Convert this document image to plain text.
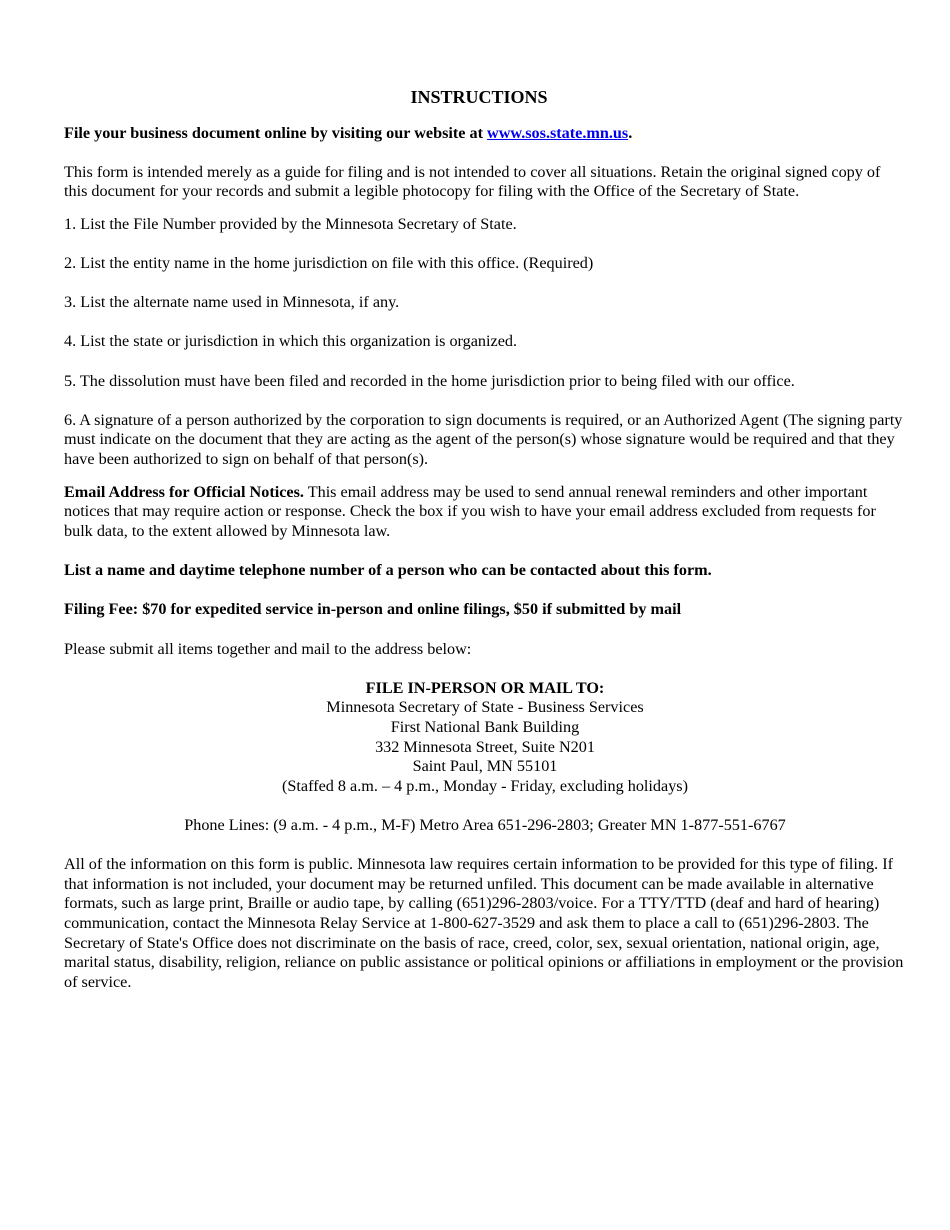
INSTRUCTIONS

File your business document online by visiting our website at www.sos.state.mn.us.

This form is intended merely as a guide for filing and is not intended to cover all situations. Retain the original signed copy of this document for your records and submit a legible photocopy for filing with the Office of the Secretary of State.

1. List the File Number provided by the Minnesota Secretary of State.

2. List the entity name in the home jurisdiction on file with this office. (Required)

3. List the alternate name used in Minnesota, if any.

4. List the state or jurisdiction in which this organization is organized.

5. The dissolution must have been filed and recorded in the home jurisdiction prior to being filed with our office.

6. A signature of a person authorized by the corporation to sign documents is required, or an Authorized Agent (The signing party must indicate on the document that they are acting as the agent of the person(s) whose signature would be required and that they have been authorized to sign on behalf of that person(s).

Email Address for Official Notices. This email address may be used to send annual renewal reminders and other important notices that may require action or response. Check the box if you wish to have your email address excluded from requests for bulk data, to the extent allowed by Minnesota law.

List a name and daytime telephone number of a person who can be contacted about this form.

Filing Fee: $70 for expedited service in-person and online filings, $50 if submitted by mail

Please submit all items together and mail to the address below:

FILE IN-PERSON OR MAIL TO:
Minnesota Secretary of State - Business Services
First National Bank Building
332 Minnesota Street, Suite N201
Saint Paul, MN 55101
(Staffed 8 a.m. – 4 p.m., Monday - Friday, excluding holidays)

Phone Lines: (9 a.m. - 4 p.m., M-F) Metro Area 651-296-2803; Greater MN 1-877-551-6767

All of the information on this form is public. Minnesota law requires certain information to be provided for this type of filing. If that information is not included, your document may be returned unfiled. This document can be made available in alternative formats, such as large print, Braille or audio tape, by calling (651)296-2803/voice. For a TTY/TTD (deaf and hard of hearing) communication, contact the Minnesota Relay Service at 1-800-627-3529 and ask them to place a call to (651)296-2803. The Secretary of State's Office does not discriminate on the basis of race, creed, color, sex, sexual orientation, national origin, age, marital status, disability, religion, reliance on public assistance or political opinions or affiliations in employment or the provision of service.
